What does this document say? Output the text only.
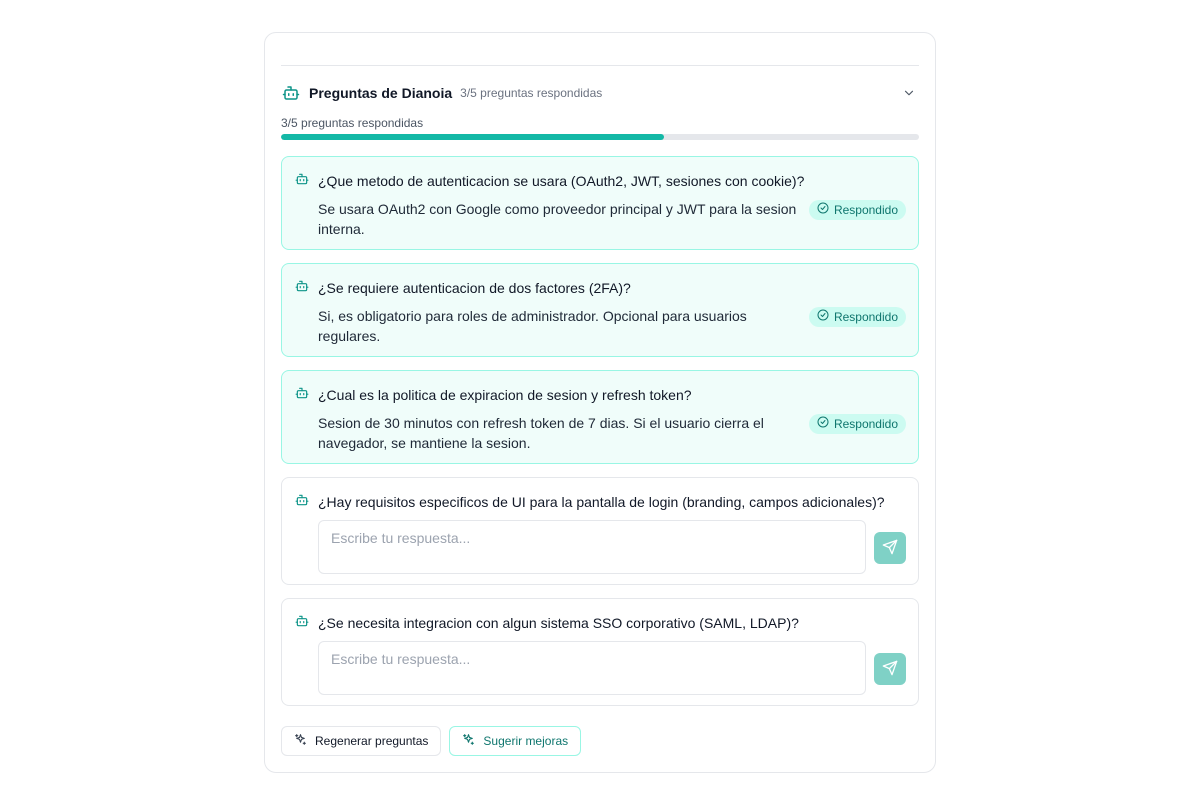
Preguntas de Dianoia 3/5 preguntas respondidas
3/5 preguntas respondidas

¿Que metodo de autenticacion se usara (OAuth2, JWT, sesiones con cookie)?

Se usara OAuth2 con Google como proveedor principal y JWT para la sesion interna.
Respondido

¿Se requiere autenticacion de dos factores (2FA)?

Si, es obligatorio para roles de administrador. Opcional para usuarios regulares.
Respondido

¿Cual es la politica de expiracion de sesion y refresh token?

Sesion de 30 minutos con refresh token de 7 dias. Si el usuario cierra el navegador, se mantiene la sesion.
Respondido

¿Hay requisitos especificos de UI para la pantalla de login (branding, campos adicionales)?

Escribe tu respuesta...

¿Se necesita integracion con algun sistema SSO corporativo (SAML, LDAP)?

Escribe tu respuesta...
Regenerar preguntas	Sugerir mejoras
